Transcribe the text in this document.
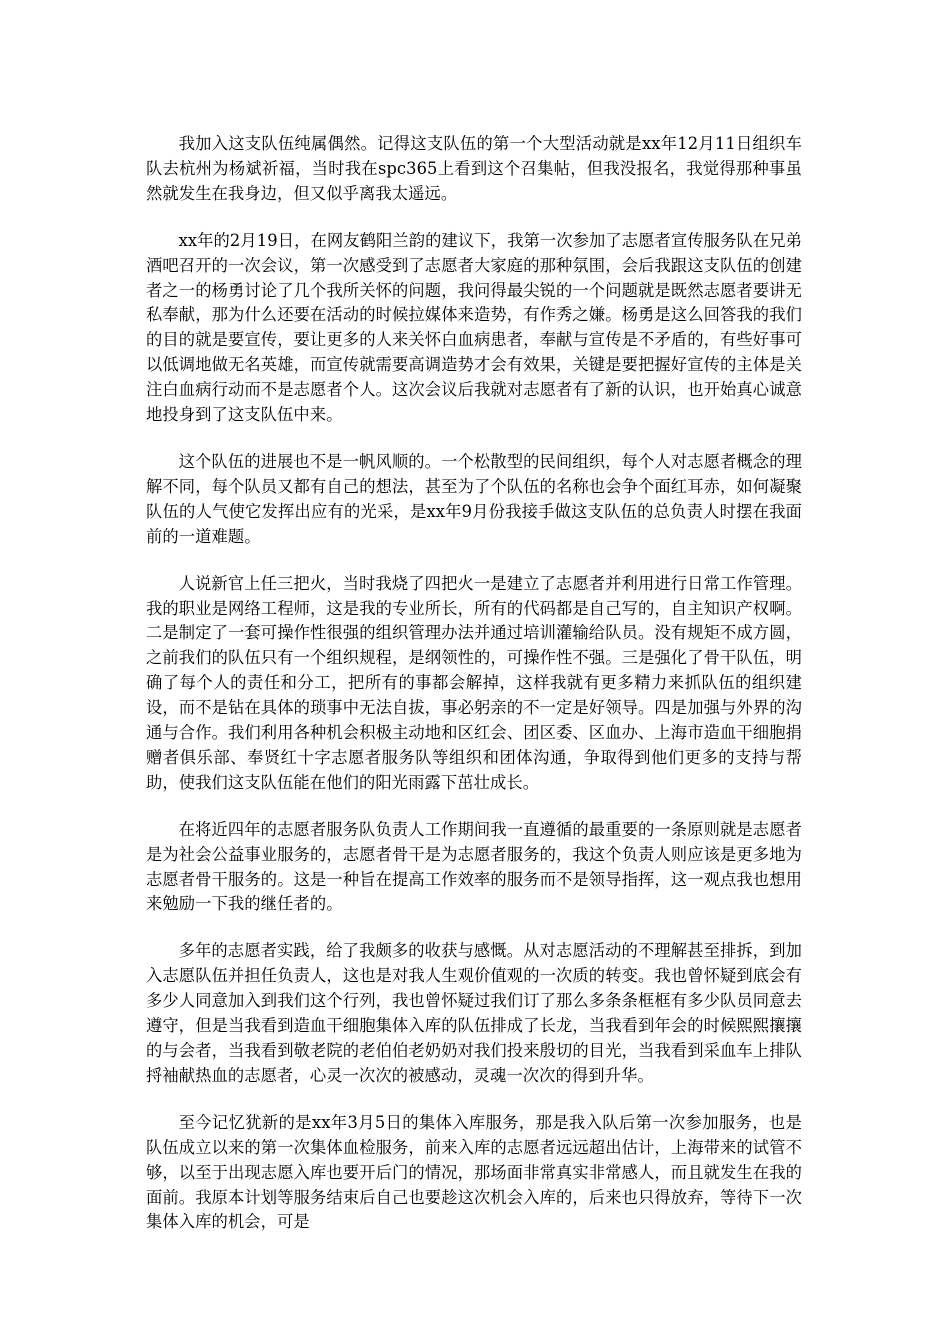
我加入这支队伍纯属偶然。记得这支队伍的第一个大型活动就是xx年12月11日组织车队去杭州为杨斌祈福，当时我在spc365上看到这个召集帖，但我没报名，我觉得那种事虽然就发生在我身边，但又似乎离我太遥远。

xx年的2月19日，在网友鹤阳兰韵的建议下，我第一次参加了志愿者宣传服务队在兄弟酒吧召开的一次会议，第一次感受到了志愿者大家庭的那种氛围，会后我跟这支队伍的创建者之一的杨勇讨论了几个我所关怀的问题，我问得最尖锐的一个问题就是既然志愿者要讲无私奉献，那为什么还要在活动的时候拉媒体来造势，有作秀之嫌。杨勇是这么回答我的我们的目的就是要宣传，要让更多的人来关怀白血病患者，奉献与宣传是不矛盾的，有些好事可以低调地做无名英雄，而宣传就需要高调造势才会有效果，关键是要把握好宣传的主体是关注白血病行动而不是志愿者个人。这次会议后我就对志愿者有了新的认识，也开始真心诚意地投身到了这支队伍中来。

这个队伍的进展也不是一帆风顺的。一个松散型的民间组织，每个人对志愿者概念的理解不同，每个队员又都有自己的想法，甚至为了个队伍的名称也会争个面红耳赤，如何凝聚队伍的人气使它发挥出应有的光采，是xx年9月份我接手做这支队伍的总负责人时摆在我面前的一道难题。

人说新官上任三把火，当时我烧了四把火一是建立了志愿者并利用进行日常工作管理。我的职业是网络工程师，这是我的专业所长，所有的代码都是自己写的，自主知识产权啊。二是制定了一套可操作性很强的组织管理办法并通过培训灌输给队员。没有规矩不成方圆，之前我们的队伍只有一个组织规程，是纲领性的，可操作性不强。三是强化了骨干队伍，明确了每个人的责任和分工，把所有的事都会解掉，这样我就有更多精力来抓队伍的组织建设，而不是钻在具体的琐事中无法自拔，事必躬亲的不一定是好领导。四是加强与外界的沟通与合作。我们利用各种机会积极主动地和区红会、团区委、区血办、上海市造血干细胞捐赠者俱乐部、奉贤红十字志愿者服务队等组织和团体沟通，争取得到他们更多的支持与帮助，使我们这支队伍能在他们的阳光雨露下茁壮成长。

在将近四年的志愿者服务队负责人工作期间我一直遵循的最重要的一条原则就是志愿者是为社会公益事业服务的，志愿者骨干是为志愿者服务的，我这个负责人则应该是更多地为志愿者骨干服务的。这是一种旨在提高工作效率的服务而不是领导指挥，这一观点我也想用来勉励一下我的继任者的。

多年的志愿者实践，给了我颇多的收获与感慨。从对志愿活动的不理解甚至排拆，到加入志愿队伍并担任负责人，这也是对我人生观价值观的一次质的转变。我也曾怀疑到底会有多少人同意加入到我们这个行列，我也曾怀疑过我们订了那么多条条框框有多少队员同意去遵守，但是当我看到造血干细胞集体入库的队伍排成了长龙，当我看到年会的时候熙熙攘攘的与会者，当我看到敬老院的老伯伯老奶奶对我们投来殷切的目光，当我看到采血车上排队捋袖献热血的志愿者，心灵一次次的被感动，灵魂一次次的得到升华。

至今记忆犹新的是xx年3月5日的集体入库服务，那是我入队后第一次参加服务，也是队伍成立以来的第一次集体血检服务，前来入库的志愿者远远超出估计，上海带来的试管不够，以至于出现志愿入库也要开后门的情况，那场面非常真实非常感人，而且就发生在我的面前。我原本计划等服务结束后自己也要趁这次机会入库的，后来也只得放弃，等待下一次集体入库的机会，可是
